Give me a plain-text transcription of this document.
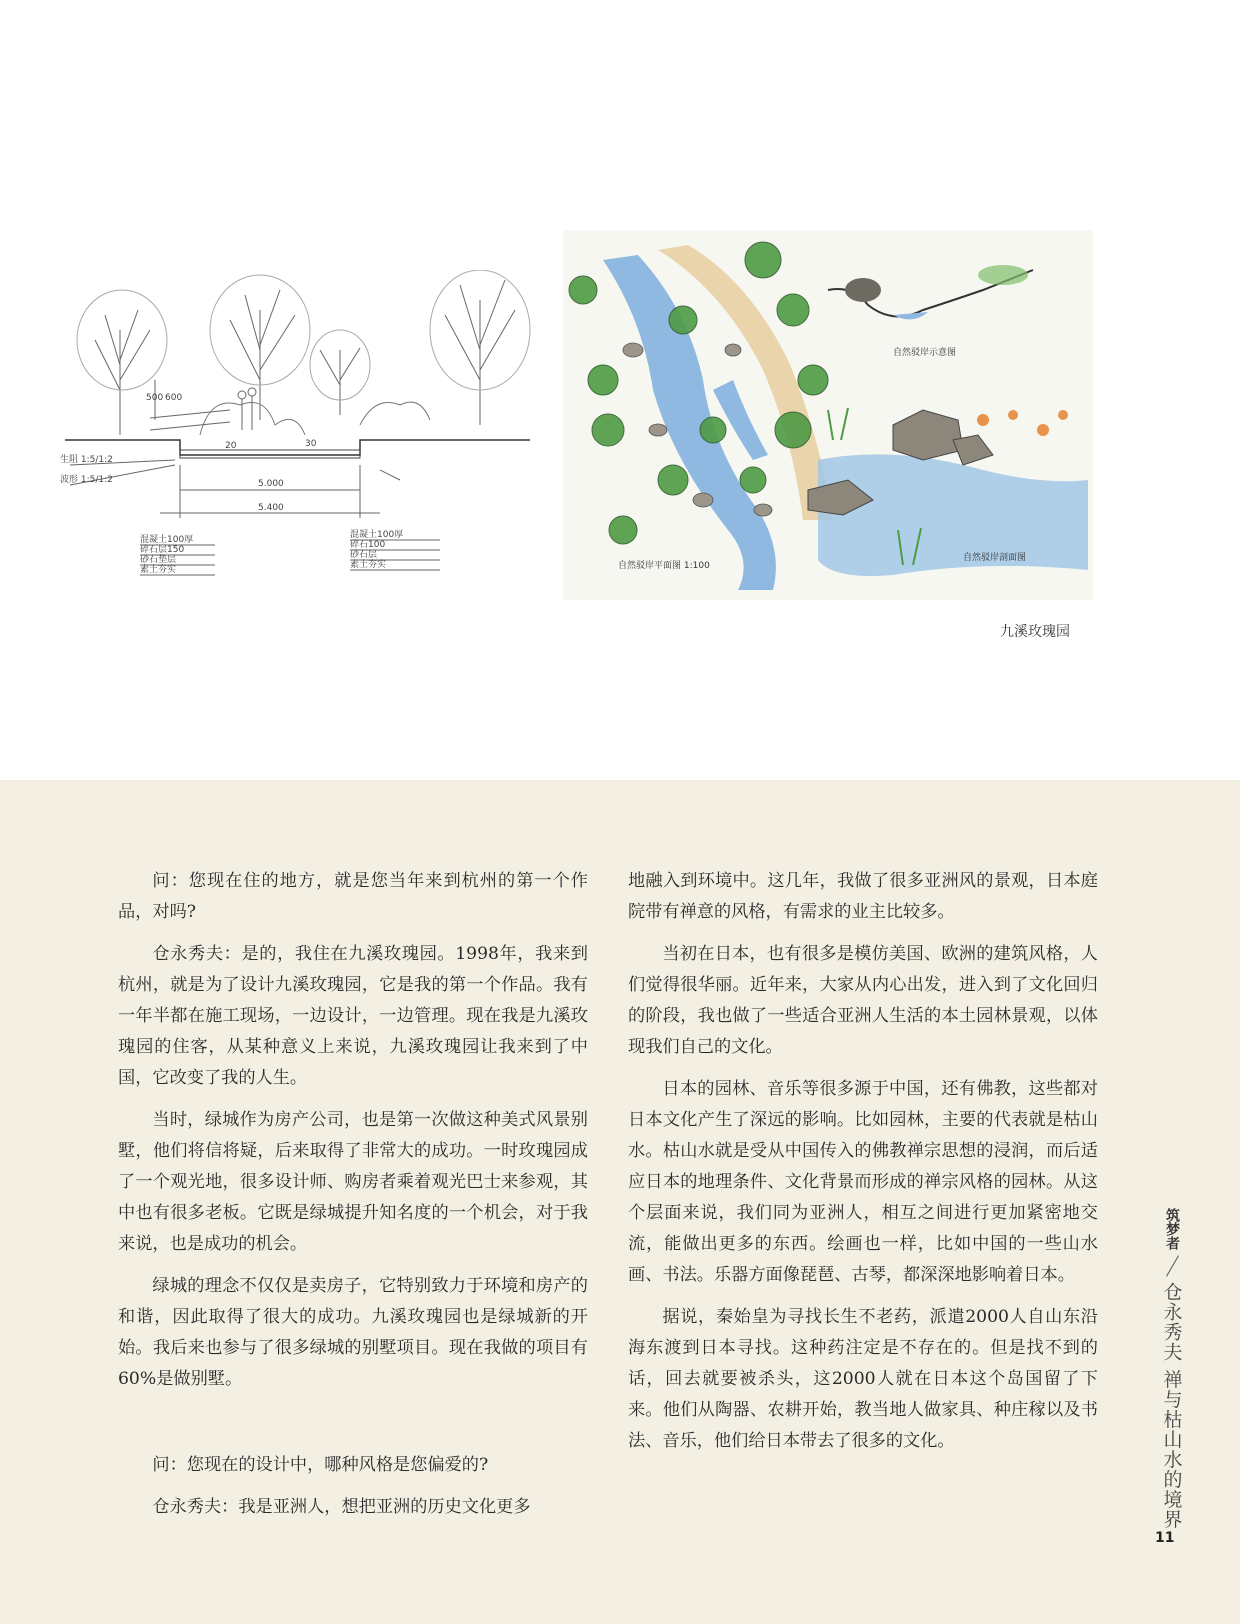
500 600
5.000
5.400
20	30
生阻 1:5/1:2
波形 1:5/1:2
混凝土100厚
碎石层150
砂石垫层
素土夯实
混凝土100厚
碎石100
砂石层
素土夯实	自然驳岸平面图 1:100
自然驳岸示意图
自然驳岸剖面图
九溪玫瑰园

问：您现在住的地方，就是您当年来到杭州的第一个作品，对吗?

仓永秀夫：是的，我住在九溪玫瑰园。1998年，我来到杭州，就是为了设计九溪玫瑰园，它是我的第一个作品。我有一年半都在施工现场，一边设计，一边管理。现在我是九溪玫瑰园的住客，从某种意义上来说，九溪玫瑰园让我来到了中国，它改变了我的人生。

当时，绿城作为房产公司，也是第一次做这种美式风景别墅，他们将信将疑，后来取得了非常大的成功。一时玫瑰园成了一个观光地，很多设计师、购房者乘着观光巴士来参观，其中也有很多老板。它既是绿城提升知名度的一个机会，对于我来说，也是成功的机会。

绿城的理念不仅仅是卖房子，它特别致力于环境和房产的和谐，因此取得了很大的成功。九溪玫瑰园也是绿城新的开始。我后来也参与了很多绿城的别墅项目。现在我做的项目有60%是做别墅。

问：您现在的设计中，哪种风格是您偏爱的?

仓永秀夫：我是亚洲人，想把亚洲的历史文化更多

地融入到环境中。这几年，我做了很多亚洲风的景观，日本庭院带有禅意的风格，有需求的业主比较多。

当初在日本，也有很多是模仿美国、欧洲的建筑风格，人们觉得很华丽。近年来，大家从内心出发，进入到了文化回归的阶段，我也做了一些适合亚洲人生活的本土园林景观，以体现我们自己的文化。

日本的园林、音乐等很多源于中国，还有佛教，这些都对日本文化产生了深远的影响。比如园林，主要的代表就是枯山水。枯山水就是受从中国传入的佛教禅宗思想的浸润，而后适应日本的地理条件、文化背景而形成的禅宗风格的园林。从这个层面来说，我们同为亚洲人，相互之间进行更加紧密地交流，能做出更多的东西。绘画也一样，比如中国的一些山水画、书法。乐器方面像琵琶、古琴，都深深地影响着日本。

据说，秦始皇为寻找长生不老药，派遣2000人自山东沿海东渡到日本寻找。这种药注定是不存在的。但是找不到的话，回去就要被杀头，这2000人就在日本这个岛国留了下来。他们从陶器、农耕开始，教当地人做家具、种庄稼以及书法、音乐，他们给日本带去了很多的文化。

筑梦者
仓永秀夫 禅与枯山水的境界
11
